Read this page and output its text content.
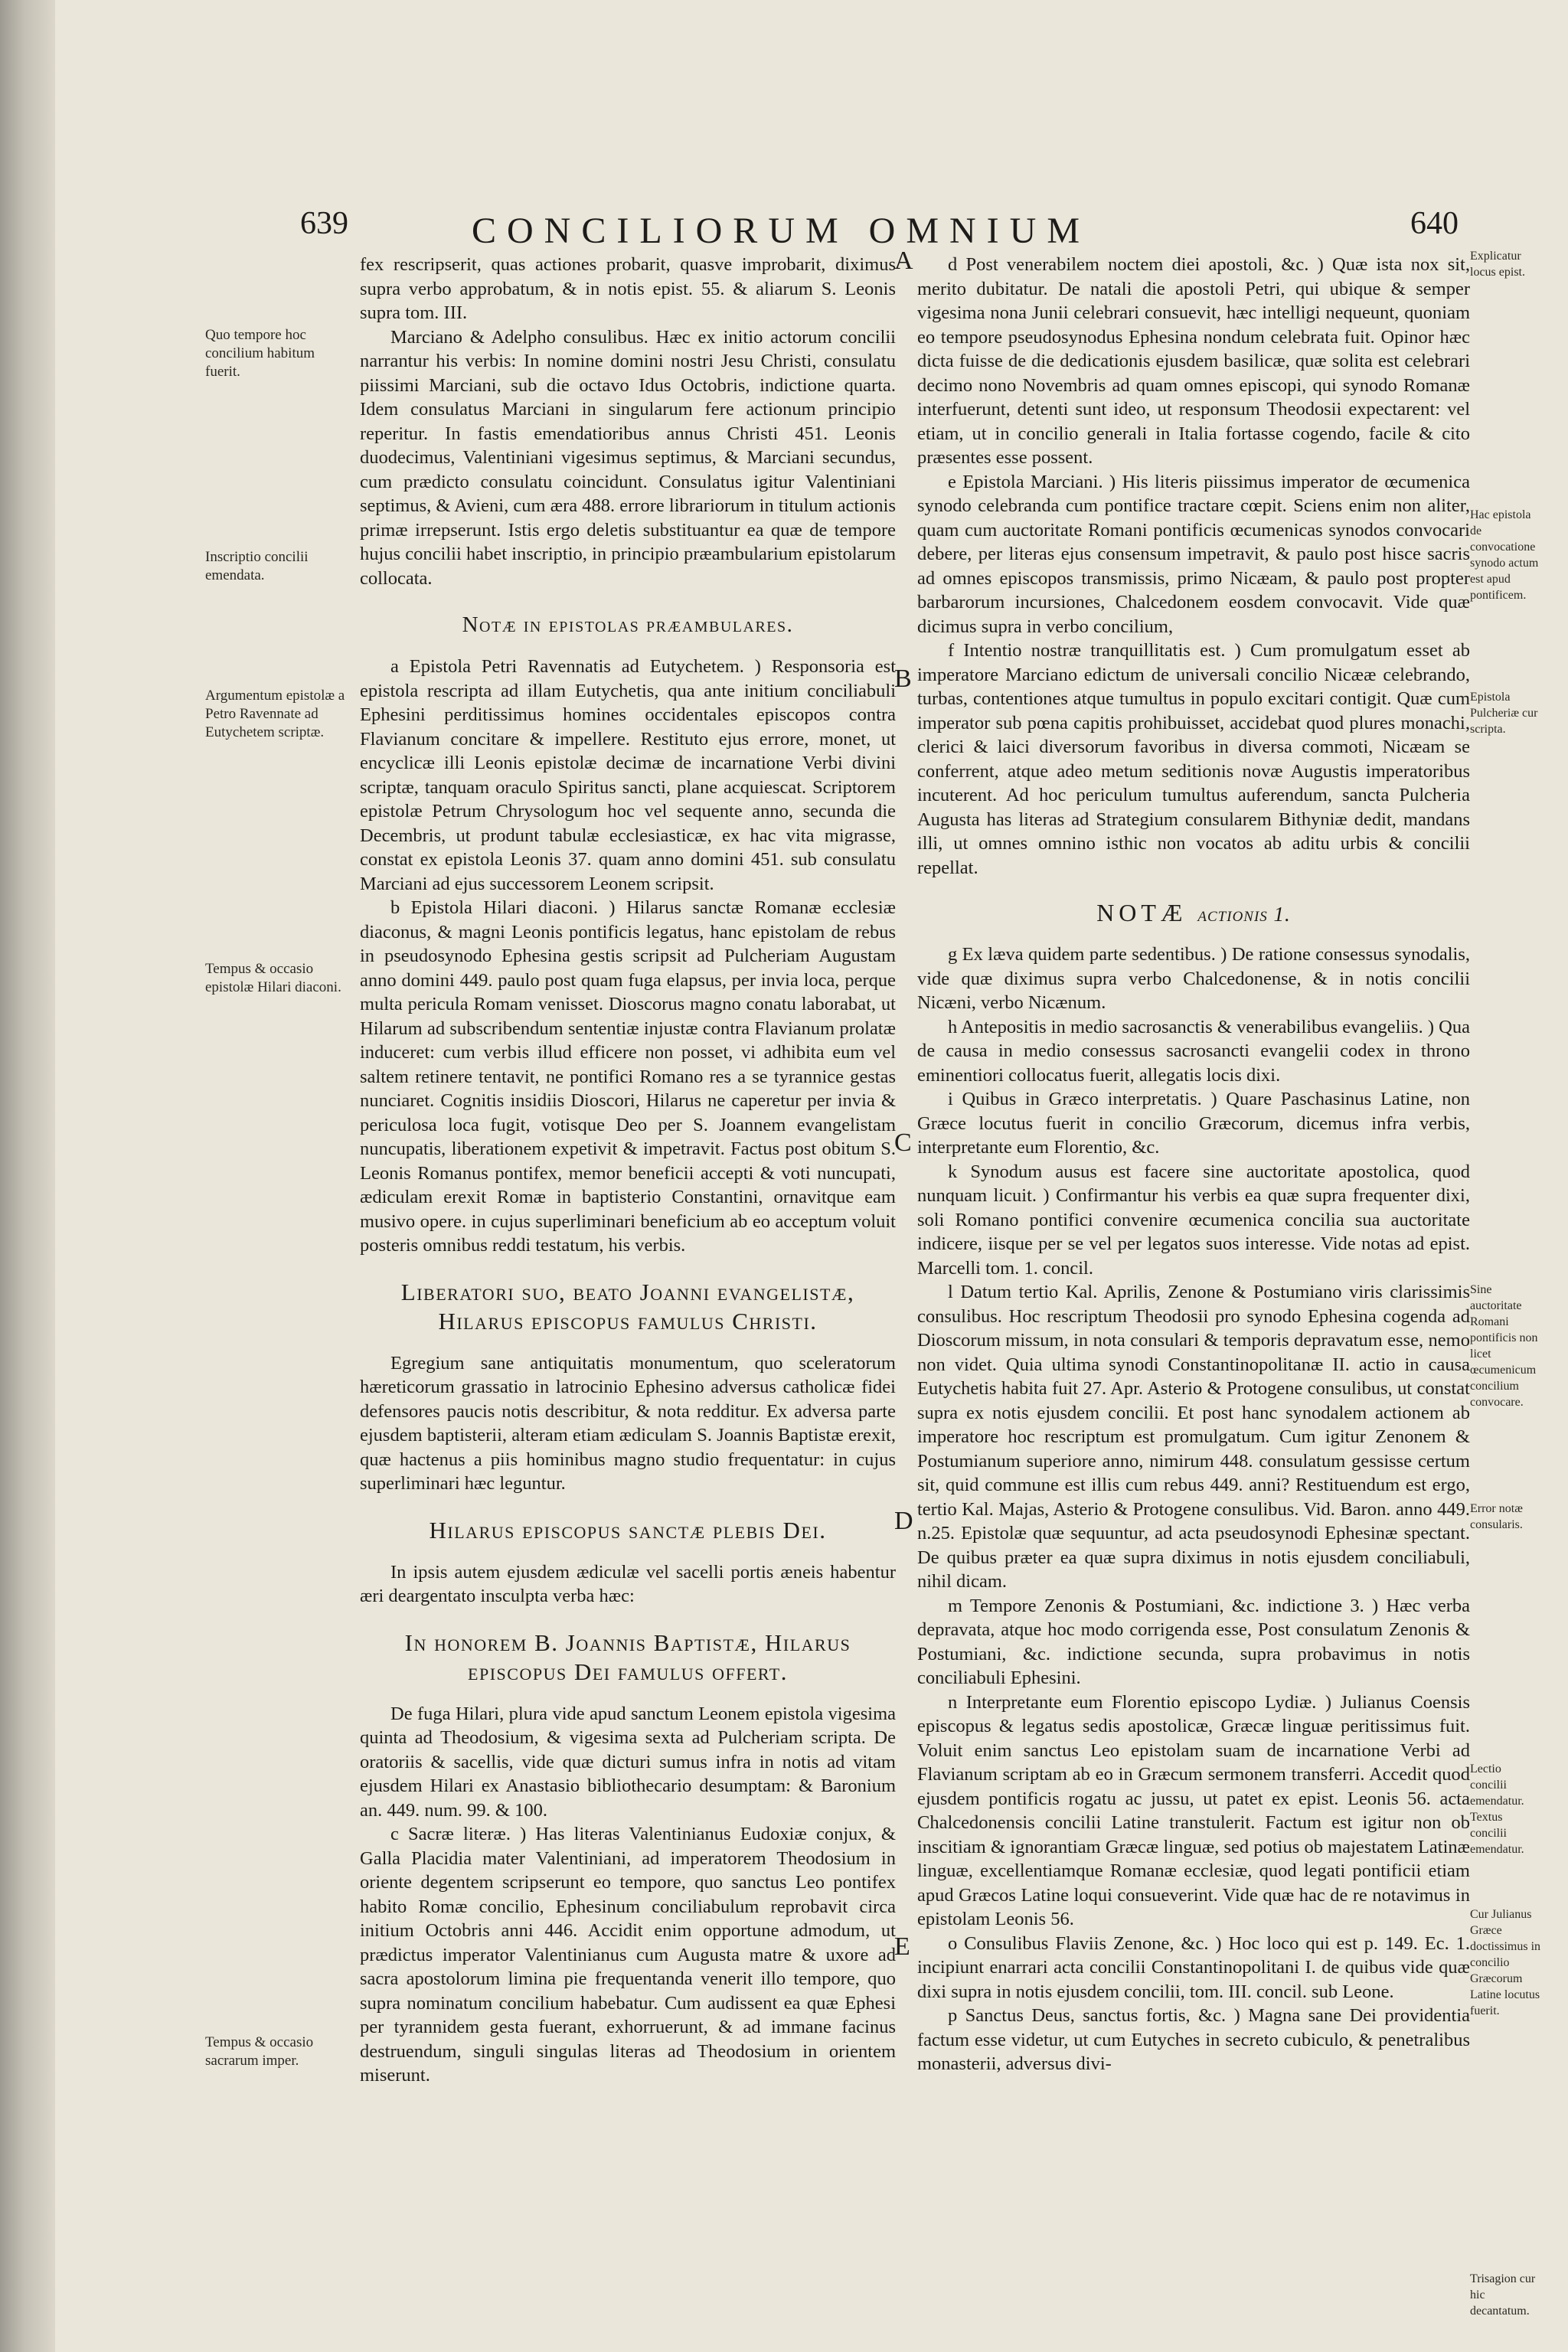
639	CONCILIORUM OMNIUM	640

fex rescripserit, quas actiones probarit, quasve improbarit, diximus supra verbo approbatum, & in notis epist. 55. & aliarum S. Leonis supra tom. III.

Marciano & Adelpho consulibus. Hæc ex initio actorum concilii narrantur his verbis: In nomine domini nostri Jesu Christi, consulatu piissimi Marciani, sub die octavo Idus Octobris, indictione quarta. Idem consulatus Marciani in singularum fere actionum principio reperitur. In fastis emendatioribus annus Christi 451. Leonis duodecimus, Valentiniani vigesimus septimus, & Marciani secundus, cum prædicto consulatu coincidunt. Consulatus igitur Valentiniani septimus, & Avieni, cum æra 488. errore librariorum in titulum actionis primæ irrepserunt. Istis ergo deletis substituantur ea quæ de tempore hujus concilii habet inscriptio, in principio præambularium epistolarum collocata.

Notæ in epistolas præambulares.

a Epistola Petri Ravennatis ad Eutychetem. ) Responsoria est epistola rescripta ad illam Eutychetis, qua ante initium conciliabuli Ephesini perditissimus homines occidentales episcopos contra Flavianum concitare & impellere. Restituto ejus errore, monet, ut encyclicæ illi Leonis epistolæ decimæ de incarnatione Verbi divini scriptæ, tanquam oraculo Spiritus sancti, plane acquiescat. Scriptorem epistolæ Petrum Chrysologum hoc vel sequente anno, secunda die Decembris, ut produnt tabulæ ecclesiasticæ, ex hac vita migrasse, constat ex epistola Leonis 37. quam anno domini 451. sub consulatu Marciani ad ejus successorem Leonem scripsit.

b Epistola Hilari diaconi. ) Hilarus sanctæ Romanæ ecclesiæ diaconus, & magni Leonis pontificis legatus, hanc epistolam de rebus in pseudosynodo Ephesina gestis scripsit ad Pulcheriam Augustam anno domini 449. paulo post quam fuga elapsus, per invia loca, perque multa pericula Romam venisset. Dioscorus magno conatu laborabat, ut Hilarum ad subscribendum sententiæ injustæ contra Flavianum prolatæ induceret: cum verbis illud efficere non posset, vi adhibita eum vel saltem retinere tentavit, ne pontifici Romano res a se tyrannice gestas nunciaret. Cognitis insidiis Dioscori, Hilarus ne caperetur per invia & periculosa loca fugit, votisque Deo per S. Joannem evangelistam nuncupatis, liberationem expetivit & impetravit. Factus post obitum S. Leonis Romanus pontifex, memor beneficii accepti & voti nuncupati, ædiculam erexit Romæ in baptisterio Constantini, ornavitque eam musivo opere. in cujus superliminari beneficium ab eo acceptum voluit posteris omnibus reddi testatum, his verbis.

Liberatori suo, beato Joanni evangelistæ, Hilarus episcopus famulus Christi.

Egregium sane antiquitatis monumentum, quo sceleratorum hæreticorum grassatio in latrocinio Ephesino adversus catholicæ fidei defensores paucis notis describitur, & nota redditur. Ex adversa parte ejusdem baptisterii, alteram etiam ædiculam S. Joannis Baptistæ erexit, quæ hactenus a piis hominibus magno studio frequentatur: in cujus superliminari hæc leguntur.

Hilarus episcopus sanctæ plebis Dei.

In ipsis autem ejusdem ædiculæ vel sacelli portis æneis habentur æri deargentato insculpta verba hæc:

In honorem B. Joannis Baptistæ, Hilarus episcopus Dei famulus offert.

De fuga Hilari, plura vide apud sanctum Leonem epistola vigesima quinta ad Theodosium, & vigesima sexta ad Pulcheriam scripta. De oratoriis & sacellis, vide quæ dicturi sumus infra in notis ad vitam ejusdem Hilari ex Anastasio bibliothecario desumptam: & Baronium an. 449. num. 99. & 100.

c Sacræ literæ. ) Has literas Valentinianus Eudoxiæ conjux, & Galla Placidia mater Valentiniani, ad imperatorem Theodosium in oriente degentem scripserunt eo tempore, quo sanctus Leo pontifex habito Romæ concilio, Ephesinum conciliabulum reprobavit circa initium Octobris anni 446. Accidit enim opportune admodum, ut prædictus imperator Valentinianus cum Augusta matre & uxore ad sacra apostolorum limina pie frequentanda venerit illo tempore, quo supra nominatum concilium habebatur. Cum audissent ea quæ Ephesi per tyrannidem gesta fuerant, exhorruerunt, & ad immane facinus destruendum, singuli singulas literas ad Theodosium in orientem miserunt.

d Post venerabilem noctem diei apostoli, &c. ) Quæ ista nox sit, merito dubitatur. De natali die apostoli Petri, qui ubique & semper vigesima nona Junii celebrari consuevit, hæc intelligi nequeunt, quoniam eo tempore pseudosynodus Ephesina nondum celebrata fuit. Opinor hæc dicta fuisse de die dedicationis ejusdem basilicæ, quæ solita est celebrari decimo nono Novembris ad quam omnes episcopi, qui synodo Romanæ interfuerunt, detenti sunt ideo, ut responsum Theodosii expectarent: vel etiam, ut in concilio generali in Italia fortasse cogendo, facile & cito præsentes esse possent.

e Epistola Marciani. ) His literis piissimus imperator de œcumenica synodo celebranda cum pontifice tractare cœpit. Sciens enim non aliter, quam cum auctoritate Romani pontificis œcumenicas synodos convocari debere, per literas ejus consensum impetravit, & paulo post hisce sacris ad omnes episcopos transmissis, primo Nicæam, & paulo post propter barbarorum incursiones, Chalcedonem eosdem convocavit. Vide quæ dicimus supra in verbo concilium,

f Intentio nostræ tranquillitatis est. ) Cum promulgatum esset ab imperatore Marciano edictum de universali concilio Nicææ celebrando, turbas, contentiones atque tumultus in populo excitari contigit. Quæ cum imperator sub pœna capitis prohibuisset, accidebat quod plures monachi, clerici & laici diversorum favoribus in diversa commoti, Nicæam se conferrent, atque adeo metum seditionis novæ Augustis imperatoribus incuterent. Ad hoc periculum tumultus auferendum, sancta Pulcheria Augusta has literas ad Strategium consularem Bithyniæ dedit, mandans illi, ut omnes omnino isthic non vocatos ab aditu urbis & concilii repellat.

NOTÆ actionis 1.

g Ex læva quidem parte sedentibus. ) De ratione consessus synodalis, vide quæ diximus supra verbo Chalcedonense, & in notis concilii Nicæni, verbo Nicænum.

h Antepositis in medio sacrosanctis & venerabilibus evangeliis. ) Qua de causa in medio consessus sacrosancti evangelii codex in throno eminentiori collocatus fuerit, allegatis locis dixi.

i Quibus in Græco interpretatis. ) Quare Paschasinus Latine, non Græce locutus fuerit in concilio Græcorum, dicemus infra verbis, interpretante eum Florentio, &c.

k Synodum ausus est facere sine auctoritate apostolica, quod nunquam licuit. ) Confirmantur his verbis ea quæ supra frequenter dixi, soli Romano pontifici convenire œcumenica concilia sua auctoritate indicere, iisque per se vel per legatos suos interesse. Vide notas ad epist. Marcelli tom. 1. concil.

l Datum tertio Kal. Aprilis, Zenone & Postumiano viris clarissimis consulibus. Hoc rescriptum Theodosii pro synodo Ephesina cogenda ad Dioscorum missum, in nota consulari & temporis depravatum esse, nemo non videt. Quia ultima synodi Constantinopolitanæ II. actio in causa Eutychetis habita fuit 27. Apr. Asterio & Protogene consulibus, ut constat supra ex notis ejusdem concilii. Et post hanc synodalem actionem ab imperatore hoc rescriptum est promulgatum. Cum igitur Zenonem & Postumianum superiore anno, nimirum 448. consulatum gessisse certum sit, quid commune est illis cum rebus 449. anni? Restituendum est ergo, tertio Kal. Majas, Asterio & Protogene consulibus. Vid. Baron. anno 449. n.25. Epistolæ quæ sequuntur, ad acta pseudosynodi Ephesinæ spectant. De quibus præter ea quæ supra diximus in notis ejusdem conciliabuli, nihil dicam.

m Tempore Zenonis & Postumiani, &c. indictione 3. ) Hæc verba depravata, atque hoc modo corrigenda esse, Post consulatum Zenonis & Postumiani, &c. indictione secunda, supra probavimus in notis conciliabuli Ephesini.

n Interpretante eum Florentio episcopo Lydiæ. ) Julianus Coensis episcopus & legatus sedis apostolicæ, Græcæ linguæ peritissimus fuit. Voluit enim sanctus Leo epistolam suam de incarnatione Verbi ad Flavianum scriptam ab eo in Græcum sermonem transferri. Accedit quod ejusdem pontificis rogatu ac jussu, ut patet ex epist. Leonis 56. acta Chalcedonensis concilii Latine transtulerit. Factum est igitur non ob inscitiam & ignorantiam Græcæ linguæ, sed potius ob majestatem Latinæ linguæ, excellentiamque Romanæ ecclesiæ, quod legati pontificii etiam apud Græcos Latine loqui consueverint. Vide quæ hac de re notavimus in epistolam Leonis 56.

o Consulibus Flaviis Zenone, &c. ) Hoc loco qui est p. 149. Ec. 1. incipiunt enarrari acta concilii Constantinopolitani I. de quibus vide quæ dixi supra in notis ejusdem concilii, tom. III. concil. sub Leone.

p Sanctus Deus, sanctus fortis, &c. ) Magna sane Dei providentia factum esse videtur, ut cum Eutyches in secreto cubiculo, & penetralibus monasterii, adversus divi-

Quo tempore hoc concilium habitum fuerit.
Inscriptio concilii emendata.
Argumentum epistolæ a Petro Ravennate ad Eutychetem scriptæ.
Tempus & occasio epistolæ Hilari diaconi.
Tempus & occasio sacrarum imper.
Explicatur locus epist.
Hac epistola de convocatione synodo actum est apud pontificem.
Epistola Pulcheriæ cur scripta.
Sine auctoritate Romani pontificis non licet œcumenicum concilium convocare.
Error notæ consularis.
Lectio concilii emendatur. Textus concilii emendatur.
Cur Julianus Græce doctissimus in concilio Græcorum Latine locutus fuerit.
Trisagion cur hic decantatum.
A
B
C
D
E
